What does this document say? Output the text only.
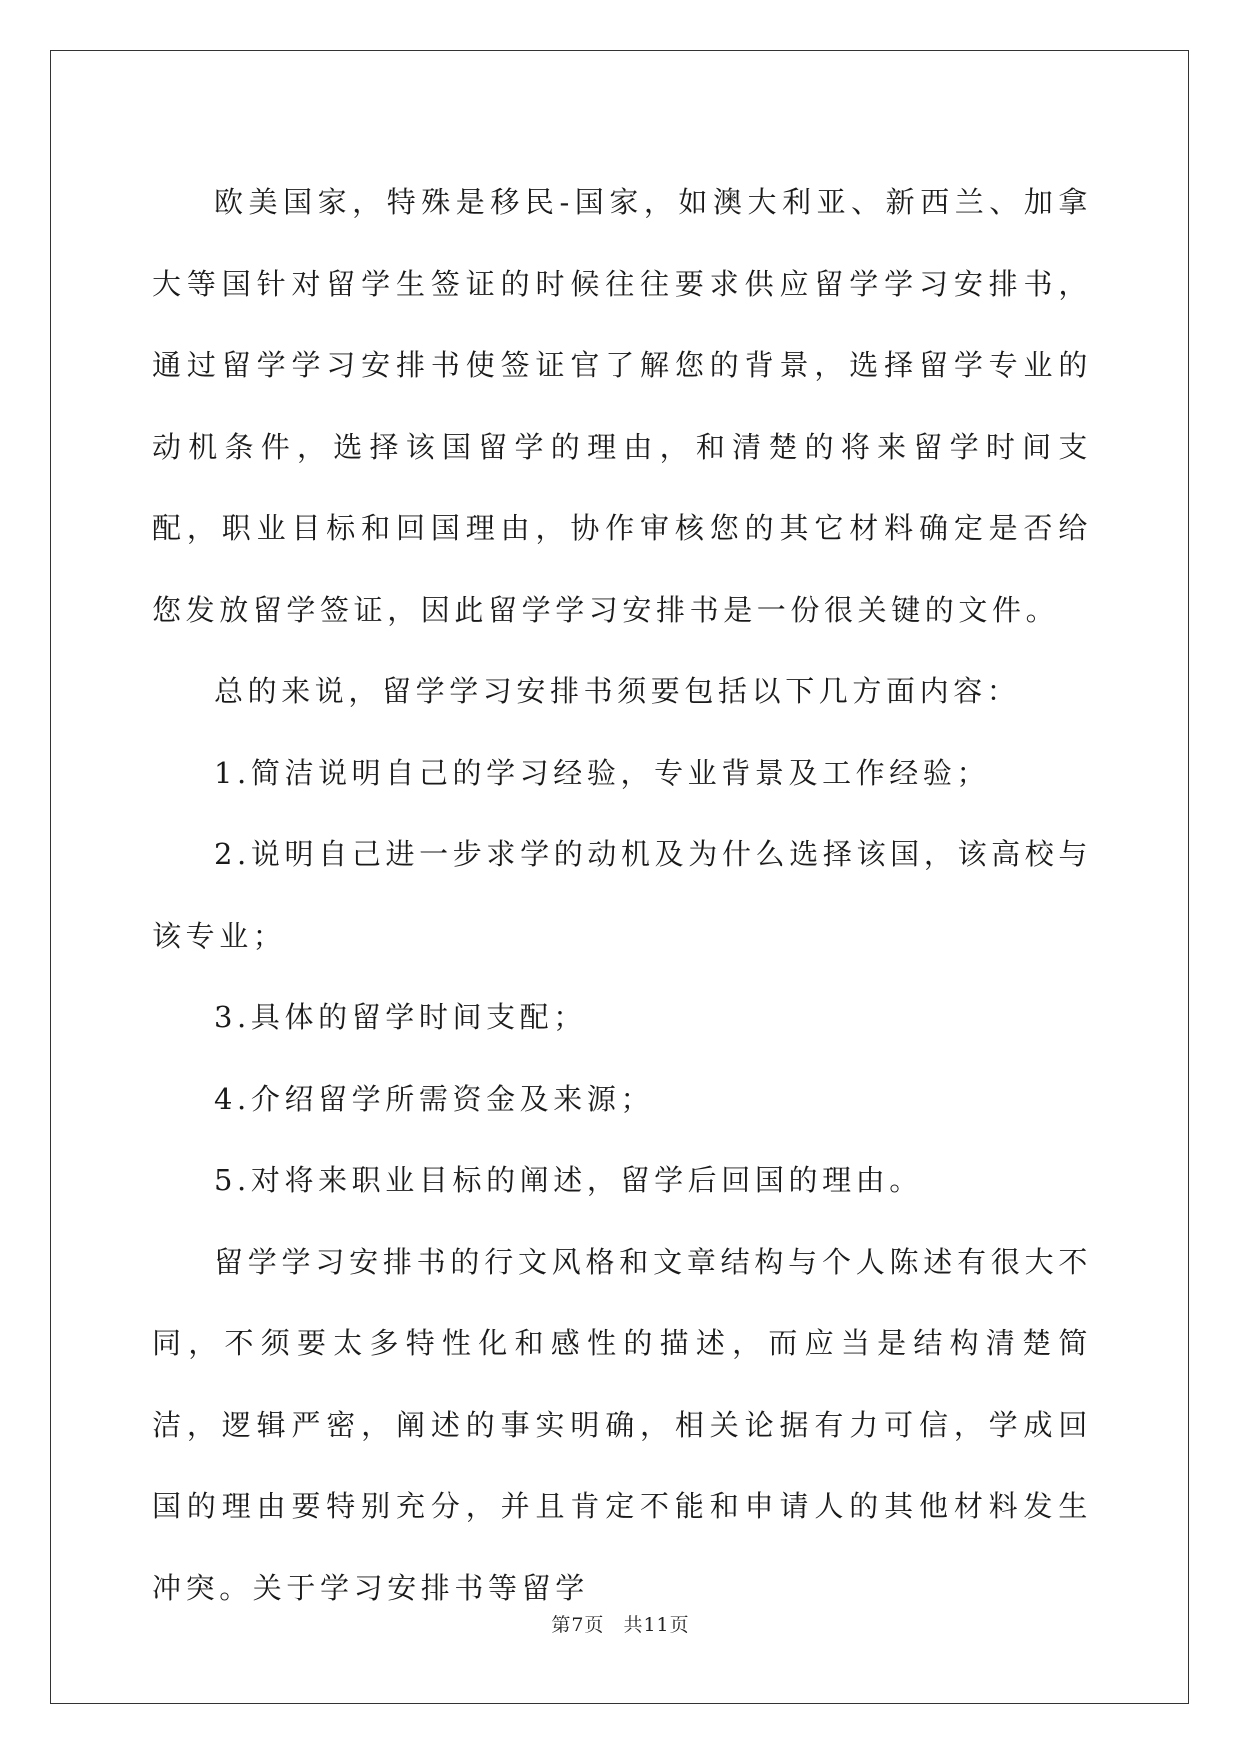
欧美国家，特殊是移民-国家，如澳大利亚、新西兰、加拿大等国针对留学生签证的时候往往要求供应留学学习安排书，通过留学学习安排书使签证官了解您的背景，选择留学专业的动机条件，选择该国留学的理由，和清楚的将来留学时间支配，职业目标和回国理由，协作审核您的其它材料确定是否给您发放留学签证，因此留学学习安排书是一份很关键的文件。

总的来说，留学学习安排书须要包括以下几方面内容：

1.简洁说明自己的学习经验，专业背景及工作经验；

2.说明自己进一步求学的动机及为什么选择该国，该高校与该专业；

3.具体的留学时间支配；

4.介绍留学所需资金及来源；

5.对将来职业目标的阐述，留学后回国的理由。

留学学习安排书的行文风格和文章结构与个人陈述有很大不同，不须要太多特性化和感性的描述，而应当是结构清楚简洁，逻辑严密，阐述的事实明确，相关论据有力可信，学成回国的理由要特别充分，并且肯定不能和申请人的其他材料发生冲突。关于学习安排书等留学

第7页 共11页
